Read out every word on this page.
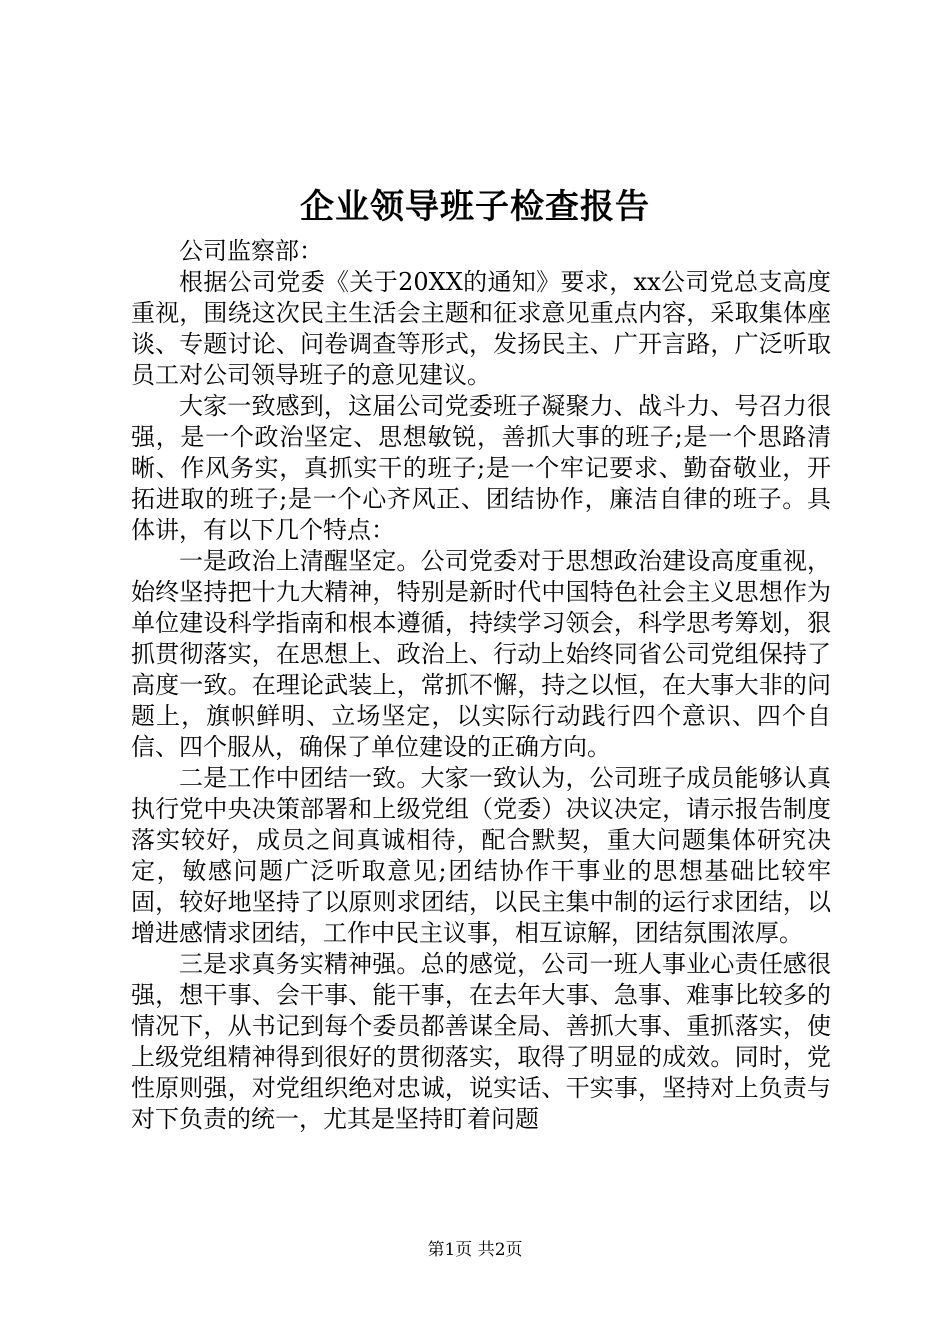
企业领导班子检查报告

公司监察部：

根据公司党委《关于20XX的通知》要求，xx公司党总支高度重视，围绕这次民主生活会主题和征求意见重点内容，采取集体座谈、专题讨论、问卷调查等形式，发扬民主、广开言路，广泛听取员工对公司领导班子的意见建议。

大家一致感到，这届公司党委班子凝聚力、战斗力、号召力很强，是一个政治坚定、思想敏锐，善抓大事的班子;是一个思路清晰、作风务实，真抓实干的班子;是一个牢记要求、勤奋敬业，开拓进取的班子;是一个心齐风正、团结协作，廉洁自律的班子。具体讲，有以下几个特点：

一是政治上清醒坚定。公司党委对于思想政治建设高度重视，始终坚持把十九大精神，特别是新时代中国特色社会主义思想作为单位建设科学指南和根本遵循，持续学习领会，科学思考筹划，狠抓贯彻落实，在思想上、政治上、行动上始终同省公司党组保持了高度一致。在理论武装上，常抓不懈，持之以恒，在大事大非的问题上，旗帜鲜明、立场坚定，以实际行动践行四个意识、四个自信、四个服从，确保了单位建设的正确方向。

二是工作中团结一致。大家一致认为，公司班子成员能够认真执行党中央决策部署和上级党组（党委）决议决定，请示报告制度落实较好，成员之间真诚相待，配合默契，重大问题集体研究决定，敏感问题广泛听取意见;团结协作干事业的思想基础比较牢固，较好地坚持了以原则求团结，以民主集中制的运行求团结，以增进感情求团结，工作中民主议事，相互谅解，团结氛围浓厚。

三是求真务实精神强。总的感觉，公司一班人事业心责任感很强，想干事、会干事、能干事，在去年大事、急事、难事比较多的情况下，从书记到每个委员都善谋全局、善抓大事、重抓落实，使上级党组精神得到很好的贯彻落实，取得了明显的成效。同时，党性原则强，对党组织绝对忠诚，说实话、干实事，坚持对上负责与对下负责的统一，尤其是坚持盯着问题

第1页 共2页
